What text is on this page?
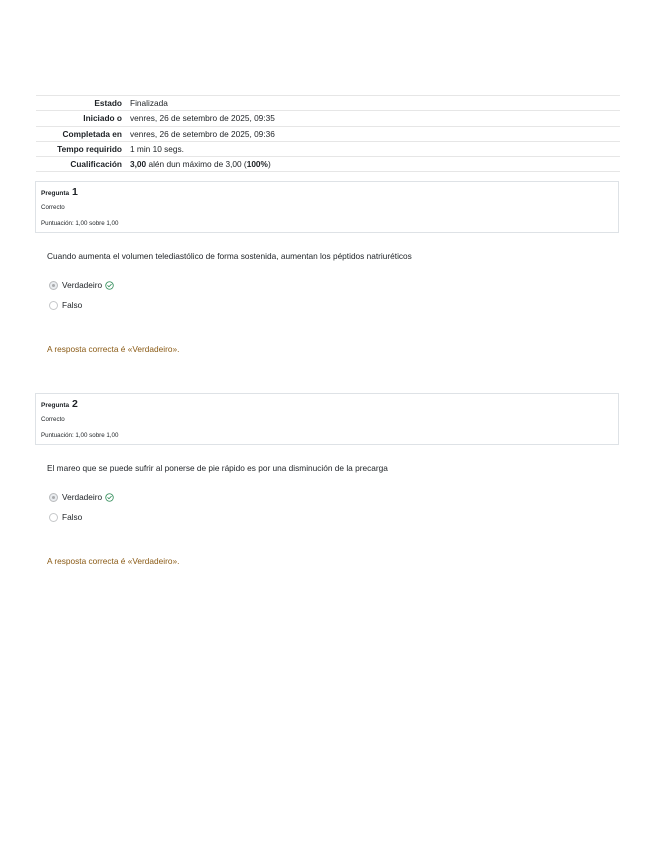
Estado	Finalizada
Iniciado o	venres, 26 de setembro de 2025, 09:35
Completada en	venres, 26 de setembro de 2025, 09:36
Tempo requirido	1 min 10 segs.
Cualificación	3,00 alén dun máximo de 3,00 (100%)
Pregunta 1
Correcto
Puntuación: 1,00 sobre 1,00
Cuando aumenta el volumen telediastólico de forma sostenida, aumentan los péptidos natriuréticos
Verdadeiro
Falso
A resposta correcta é «Verdadeiro».
Pregunta 2
Correcto
Puntuación: 1,00 sobre 1,00
El mareo que se puede sufrir al ponerse de pie rápido es por una disminución de la precarga
Verdadeiro
Falso
A resposta correcta é «Verdadeiro».
